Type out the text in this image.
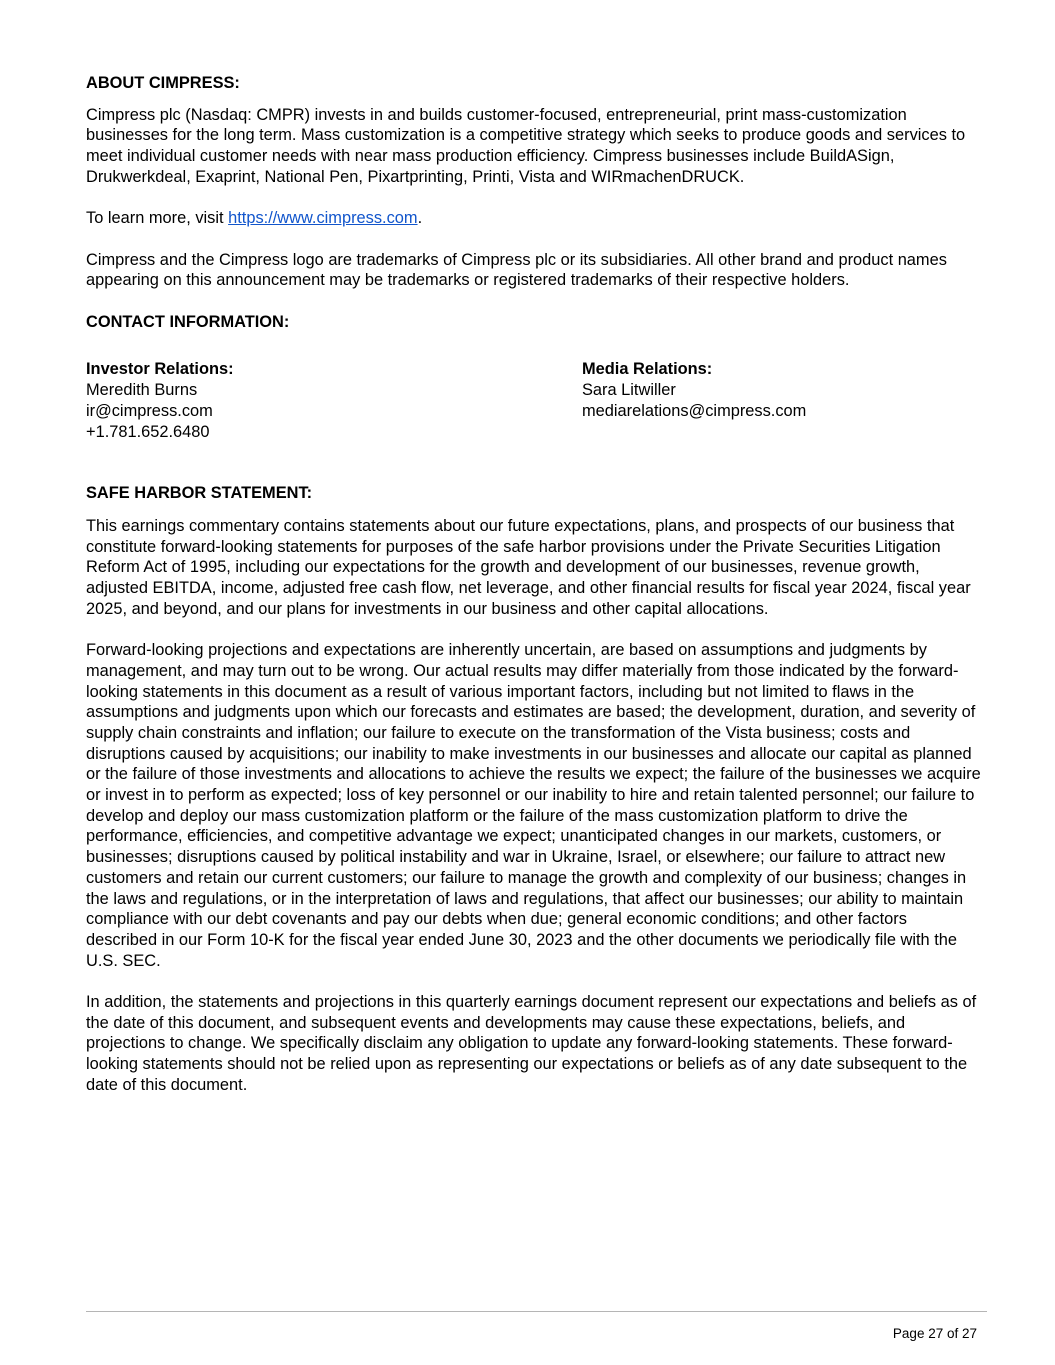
ABOUT CIMPRESS:

Cimpress plc (Nasdaq: CMPR) invests in and builds customer-focused, entrepreneurial, print mass-customization businesses for the long term. Mass customization is a competitive strategy which seeks to produce goods and services to meet individual customer needs with near mass production efficiency. Cimpress businesses include BuildASign, Drukwerkdeal, Exaprint, National Pen, Pixartprinting, Printi, Vista and WIRmachenDRUCK.

To learn more, visit https://www.cimpress.com.

Cimpress and the Cimpress logo are trademarks of Cimpress plc or its subsidiaries. All other brand and product names appearing on this announcement may be trademarks or registered trademarks of their respective holders.

CONTACT INFORMATION:
Investor Relations:
Meredith Burns
ir@cimpress.com
+1.781.652.6480
Media Relations:
Sara Litwiller
mediarelations@cimpress.com
SAFE HARBOR STATEMENT:

This earnings commentary contains statements about our future expectations, plans, and prospects of our business that constitute forward-looking statements for purposes of the safe harbor provisions under the Private Securities Litigation Reform Act of 1995, including our expectations for the growth and development of our businesses, revenue growth, adjusted EBITDA, income, adjusted free cash flow, net leverage, and other financial results for fiscal year 2024, fiscal year 2025, and beyond, and our plans for investments in our business and other capital allocations.

Forward-looking projections and expectations are inherently uncertain, are based on assumptions and judgments by management, and may turn out to be wrong. Our actual results may differ materially from those indicated by the forward-looking statements in this document as a result of various important factors, including but not limited to flaws in the assumptions and judgments upon which our forecasts and estimates are based; the development, duration, and severity of supply chain constraints and inflation; our failure to execute on the transformation of the Vista business; costs and disruptions caused by acquisitions; our inability to make investments in our businesses and allocate our capital as planned or the failure of those investments and allocations to achieve the results we expect; the failure of the businesses we acquire or invest in to perform as expected; loss of key personnel or our inability to hire and retain talented personnel; our failure to develop and deploy our mass customization platform or the failure of the mass customization platform to drive the performance, efficiencies, and competitive advantage we expect; unanticipated changes in our markets, customers, or businesses; disruptions caused by political instability and war in Ukraine, Israel, or elsewhere; our failure to attract new customers and retain our current customers; our failure to manage the growth and complexity of our business; changes in the laws and regulations, or in the interpretation of laws and regulations, that affect our businesses; our ability to maintain compliance with our debt covenants and pay our debts when due; general economic conditions; and other factors described in our Form 10-K for the fiscal year ended June 30, 2023 and the other documents we periodically file with the U.S. SEC.

In addition, the statements and projections in this quarterly earnings document represent our expectations and beliefs as of the date of this document, and subsequent events and developments may cause these expectations, beliefs, and projections to change. We specifically disclaim any obligation to update any forward-looking statements. These forward-looking statements should not be relied upon as representing our expectations or beliefs as of any date subsequent to the date of this document.

Page 27 of 27
